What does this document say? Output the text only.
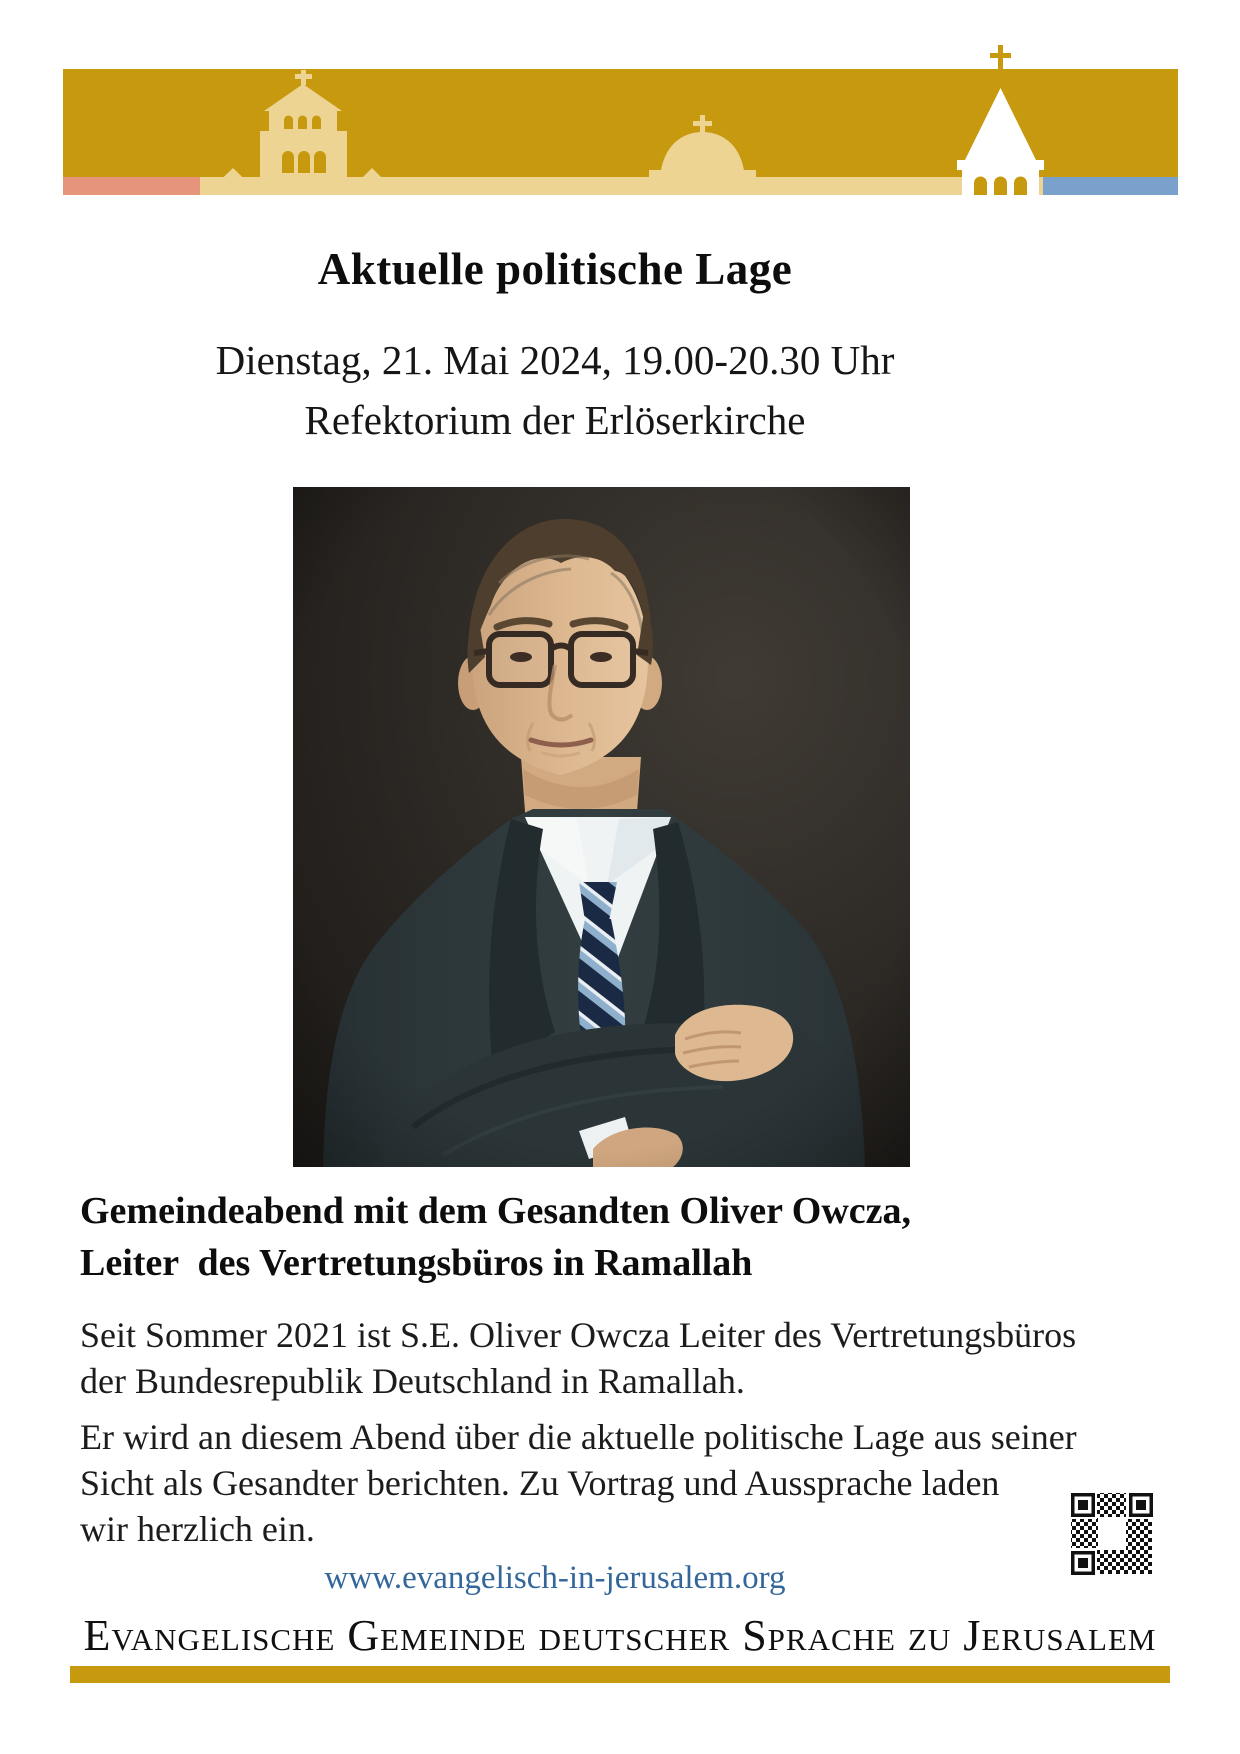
Aktuelle politische Lage
Dienstag, 21. Mai 2024, 19.00-20.30 Uhr
Refektorium der Erlöserkirche
Gemeindeabend mit dem Gesandten Oliver Owcza,
Leiter  des Vertretungsbüros in Ramallah
Seit Sommer 2021 ist S.E. Oliver Owcza Leiter des Vertretungsbüros
der Bundesrepublik Deutschland in Ramallah.
Er wird an diesem Abend über die aktuelle politische Lage aus seiner
Sicht als Gesandter berichten. Zu Vortrag und Aussprache laden
wir herzlich ein.
www.evangelisch-in-jerusalem.org
Evangelische Gemeinde deutscher Sprache zu Jerusalem
